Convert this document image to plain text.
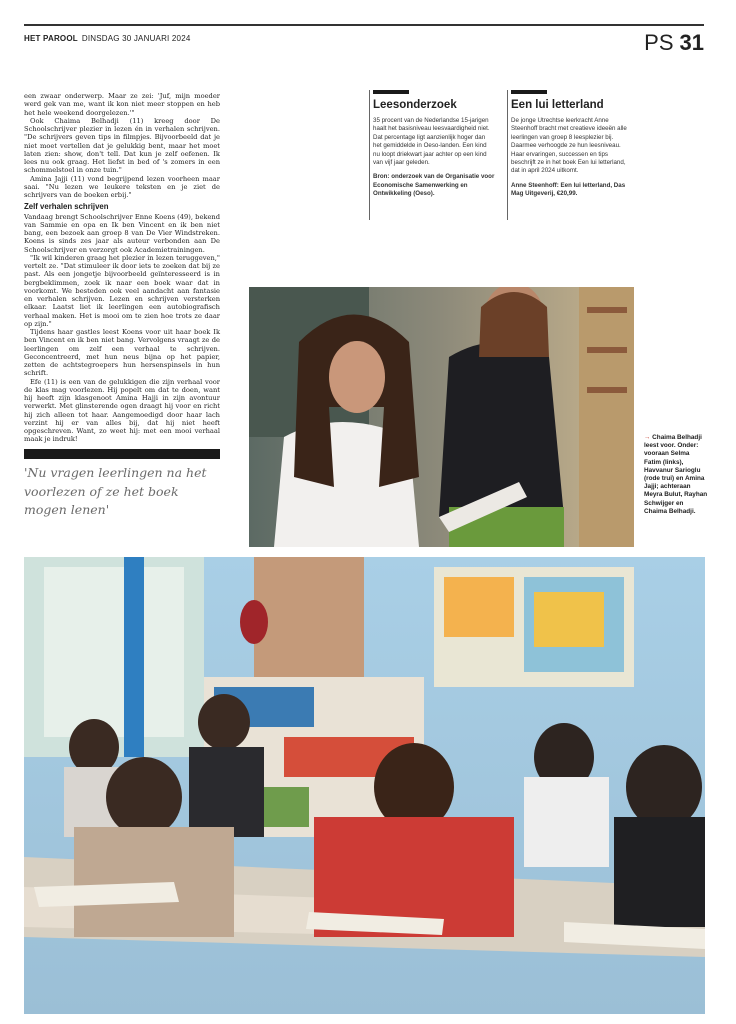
HET PAROOL DINSDAG 30 JANUARI 2024	PS 31

een zwaar onderwerp. Maar ze zei: 'Juf, mijn moeder werd gek van me, want ik kon niet meer stoppen en heb het hele weekend doorgelezen.'"

Ook Chaima Belhadji (11) kreeg door De Schoolschrijver plezier in lezen én in verhalen schrijven. "De schrijvers geven tips in filmpjes. Bijvoorbeeld dat je niet moet vertellen dat je gelukkig bent, maar het moet laten zien: show, don't tell. Dat kun je zelf oefenen. Ik lees nu ook graag. Het liefst in bed of 's zomers in een schommelstoel in onze tuin."

Amina Jajji (11) vond begrijpend lezen voorheen maar saai. "Nu lezen we leukere teksten en je ziet de schrijvers van de boeken erbij."

Zelf verhalen schrijven

Vandaag brengt Schoolschrijver Enne Koens (49), bekend van Sammie en opa en Ik ben Vincent en ik ben niet bang, een bezoek aan groep 8 van De Vier Windstreken. Koens is sinds zes jaar als auteur verbonden aan De Schoolschrijver en verzorgt ook Academietrainingen.

"Ik wil kinderen graag het plezier in lezen teruggeven," vertelt ze. "Dat stimuleer ik door iets te zoeken dat bij ze past. Als een jongetje bijvoorbeeld geïnteresseerd is in bergbeklimmen, zoek ik naar een boek waar dat in voorkomt. We besteden ook veel aandacht aan fantasie en verhalen schrijven. Lezen en schrijven versterken elkaar. Laatst liet ik leerlingen een autobiografisch verhaal maken. Het is mooi om te zien hoe trots ze daar op zijn."

Tijdens haar gastles leest Koens voor uit haar boek Ik ben Vincent en ik ben niet bang. Vervolgens vraagt ze de leerlingen om zelf een verhaal te schrijven. Geconcentreerd, met hun neus bijna op het papier, zetten de achtstegroepers hun hersenspinsels in hun schrift.

Efe (11) is een van de gelukkigen die zijn verhaal voor de klas mag voorlezen. Hij popelt om dat te doen, want hij heeft zijn klasgenoot Amina Hajji in zijn avontuur verwerkt. Met glinsterende ogen draagt hij voor en richt hij zich alleen tot haar. Aangemoedigd door haar lach verzint hij er van alles bij, dat hij niet heeft opgeschreven. Want, zo weet hij: met een mooi verhaal maak je indruk!

'Nu vragen leerlingen na het voorlezen of ze het boek mogen lenen'
Leesonderzoek
35 procent van de Nederlandse 15-jarigen haalt het basisniveau leesvaardigheid niet. Dat percentage ligt aanzienlijk hoger dan het gemiddelde in Oeso-landen. Een kind nu loopt driekwart jaar achter op een kind van vijf jaar geleden.
Bron: onderzoek van de Organisatie voor Economische Samenwerking en Ontwikkeling (Oeso).
Een lui letterland
De jonge Utrechtse leerkracht Anne Steenhoff bracht met creatieve ideeën alle leerlingen van groep 8 leesplezier bij. Daarmee verhoogde ze hun leesniveau. Haar ervaringen, successen en tips beschrijft ze in het boek Een lui letterland, dat in april 2024 uitkomt.
Anne Steenhoff: Een lui letterland, Das Mag Uitgeverij, €20,99.
→ Chaima Belhadji leest voor. Onder: vooraan Selma Fatim (links), Havvanur Sarioglu (rode trui) en Amina Jajji; achteraan Meyra Bulut, Rayhan Schwijger en Chaima Belhadji.
